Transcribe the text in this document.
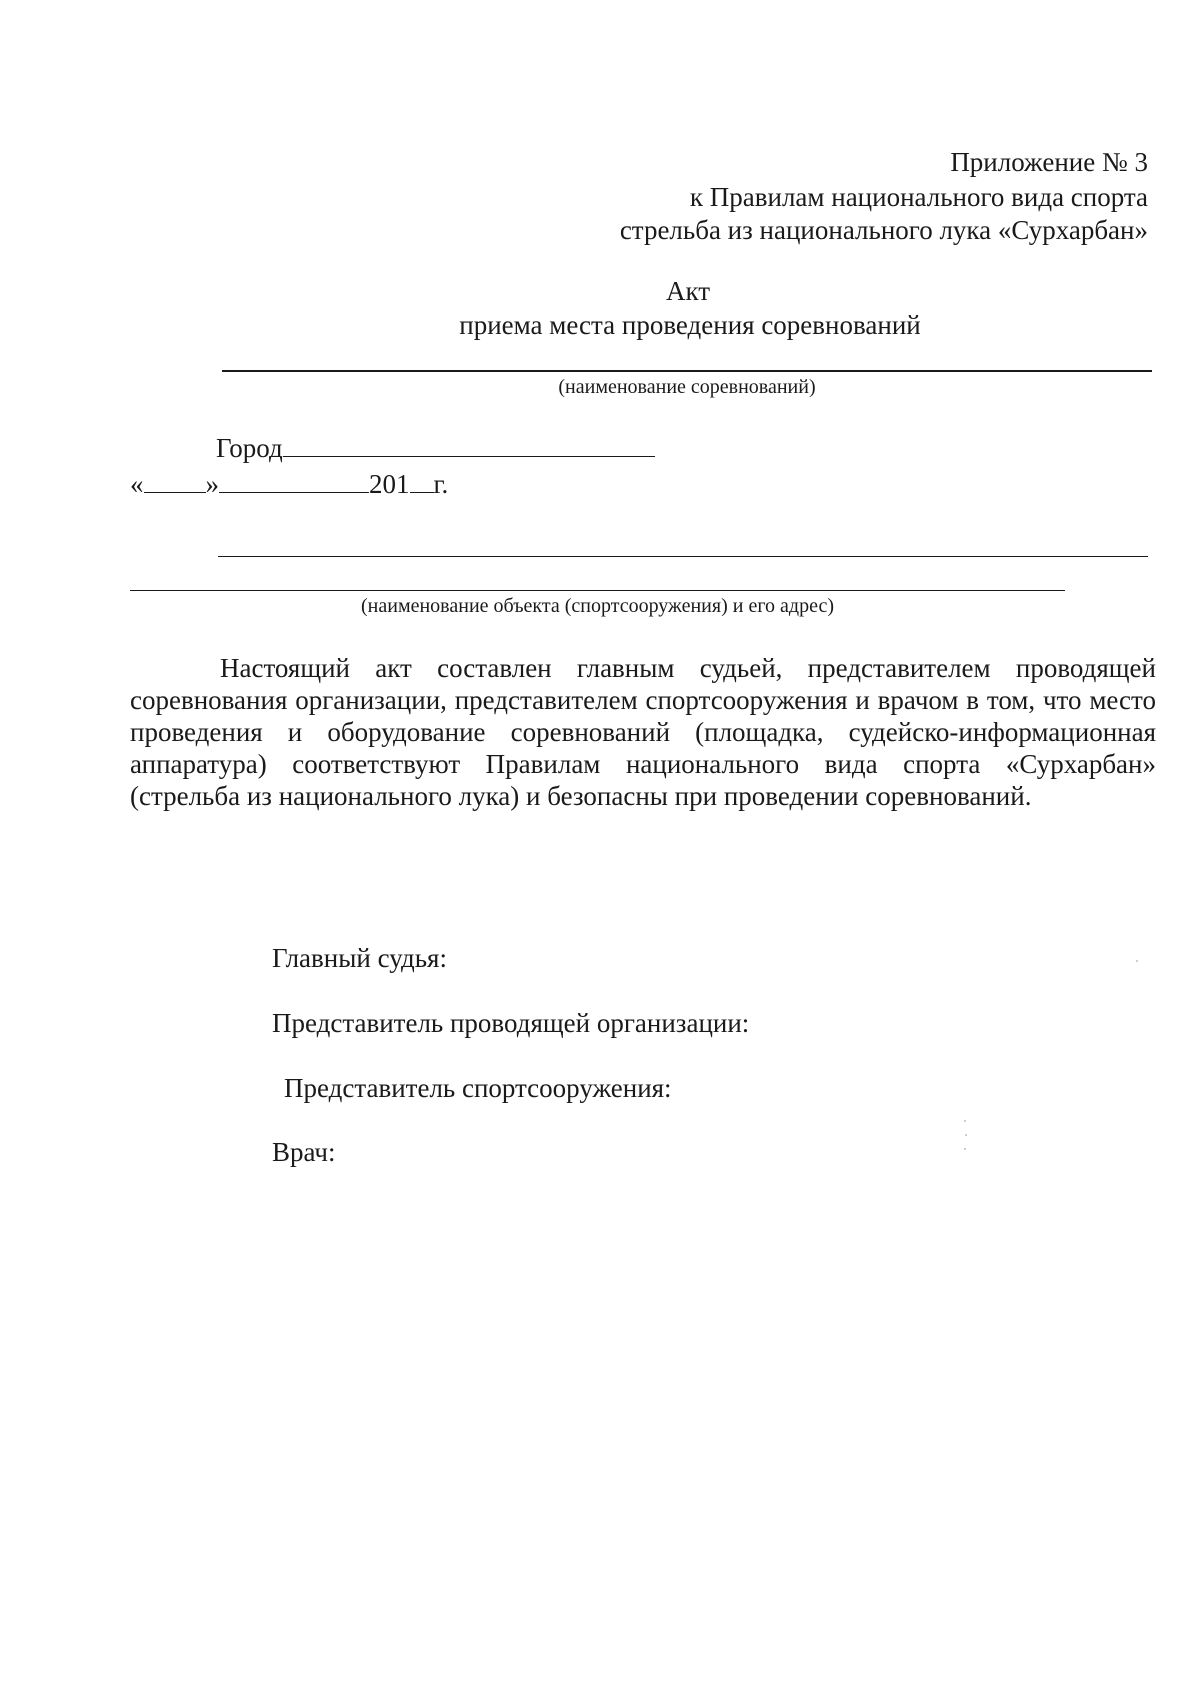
Приложение № 3
к Правилам национального вида спорта
стрельба из национального лука «Сурхарбан»
Акт
приема места проведения соревнований
(наименование соревнований)
Город
« »	201 г.
(наименование объекта (спортсооружения) и его адрес)
Настоящий акт составлен главным судьей, представителем проводящей соревнования организации, представителем спортсооружения и врачом в том, что место проведения и оборудование соревнований (площадка, судейско-информационная аппаратура) соответствуют Правилам национального вида спорта «Сурхарбан» (стрельба из национального лука) и безопасны при проведении соревнований.
Главный судья:
Представитель проводящей организации:
Представитель спортсооружения:
Врач:
